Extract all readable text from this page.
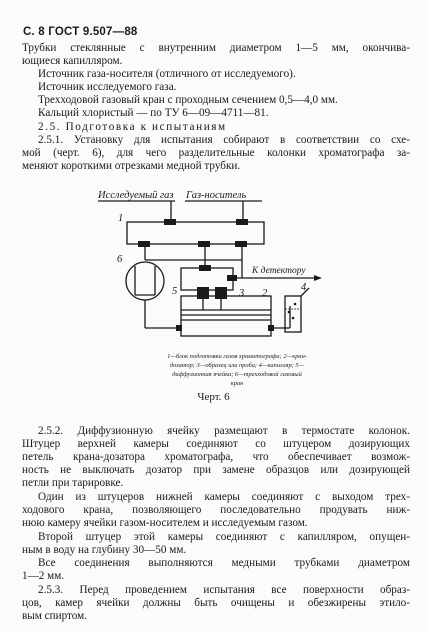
С. 8 ГОСТ 9.507—88
Трубки стеклянные с внутренним диаметром 1—5 мм, окончива-
ющиеся капилляром.
Источник газа-носителя (отличного от исследуемого).
Источник исследуемого газа.
Трехходовой газовый кран с проходным сечением 0,5—4,0 мм.
Кальций хлористый — по ТУ 6—09—4711—81.
2.5. Подготовка к испытаниям
2.5.1. Установку для испытания собирают в соответствии со схе-
мой (черт. 6), для чего разделительные колонки хроматографа за-
меняют короткими отрезками медной трубки.
Исследуемый газ Газ-носитель
К детектору
1
2
3
4
5
6
1—блок подготовки газов хроматографа; 2—кран-
дозатор; 3—образец или проба; 4—капилляр; 5—
диффузионная ячейка; 6—трехходовой газовый
кран
Черт. 6
2.5.2. Диффузионную ячейку размещают в термостате колонок.
Штуцер верхней камеры соединяют со штуцером дозирующих
петель крана-дозатора хроматографа, что обеспечивает возмож-
ность не выключать дозатор при замене образцов или дозирующей
петли при тарировке.
Один из штуцеров нижней камеры соединяют с выходом трех-
ходового крана, позволяющего последовательно продувать ниж-
нюю камеру ячейки газом-носителем и исследуемым газом.
Второй штуцер этой камеры соединяют с капилляром, опущен-
ным в воду на глубину 30—50 мм.
Все соединения выполняются медными трубками диаметром
1—2 мм.
2.5.3. Перед проведением испытания все поверхности образ-
цов, камер ячейки должны быть очищены и обезжирены этило-
вым спиртом.
